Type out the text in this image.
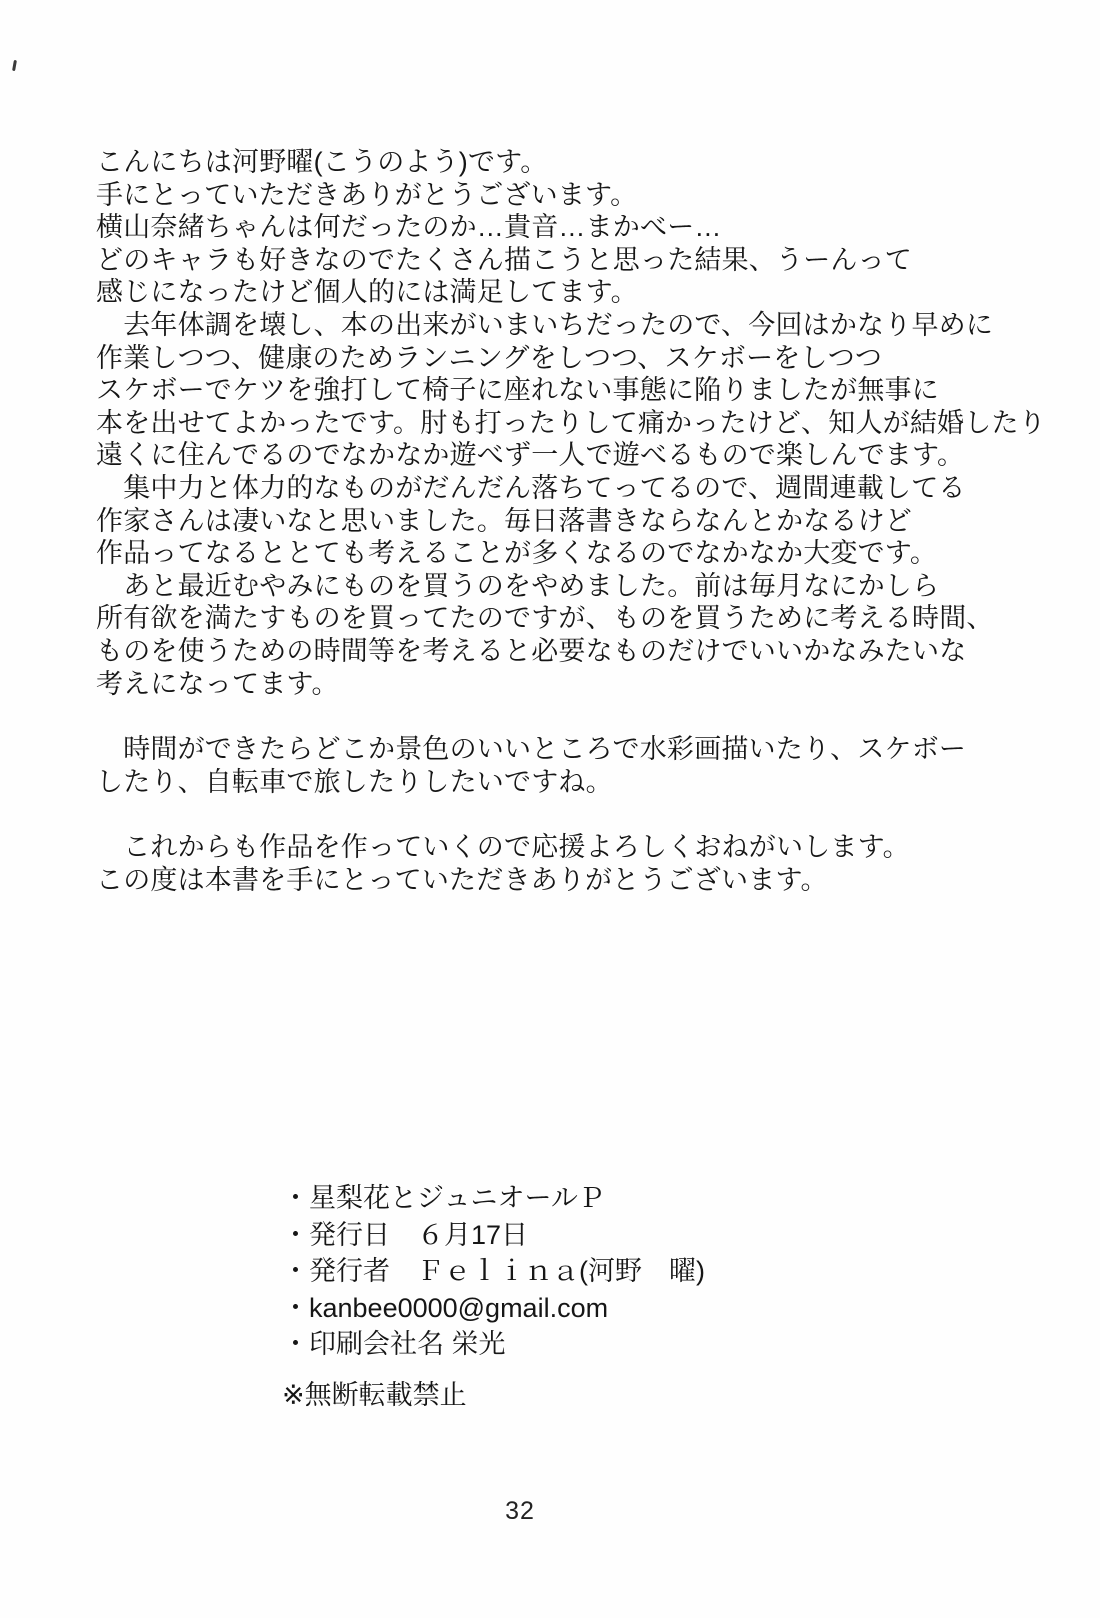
こんにちは河野曜(こうのよう)です。
手にとっていただきありがとうございます。
横山奈緒ちゃんは何だったのか…貴音…まかべー…
どのキャラも好きなのでたくさん描こうと思った結果、うーんって
感じになったけど個人的には満足してます。
　去年体調を壊し、本の出来がいまいちだったので、今回はかなり早めに
作業しつつ、健康のためランニングをしつつ、スケボーをしつつ
スケボーでケツを強打して椅子に座れない事態に陥りましたが無事に
本を出せてよかったです。肘も打ったりして痛かったけど、知人が結婚したり
遠くに住んでるのでなかなか遊べず一人で遊べるもので楽しんでます。
　集中力と体力的なものがだんだん落ちてってるので、週間連載してる
作家さんは凄いなと思いました。毎日落書きならなんとかなるけど
作品ってなるととても考えることが多くなるのでなかなか大変です。
　あと最近むやみにものを買うのをやめました。前は毎月なにかしら
所有欲を満たすものを買ってたのですが、ものを買うために考える時間、
ものを使うための時間等を考えると必要なものだけでいいかなみたいな
考えになってます。
　時間ができたらどこか景色のいいところで水彩画描いたり、スケボー
したり、自転車で旅したりしたいですね。
　これからも作品を作っていくので応援よろしくおねがいします。
この度は本書を手にとっていただきありがとうございます。
・星梨花とジュニオールＰ
・発行日　６月17日
・発行者　Ｆｅｌｉｎａ(河野　曜)
・kanbee0000@gmail.com
・印刷会社名 栄光
※無断転載禁止
32
